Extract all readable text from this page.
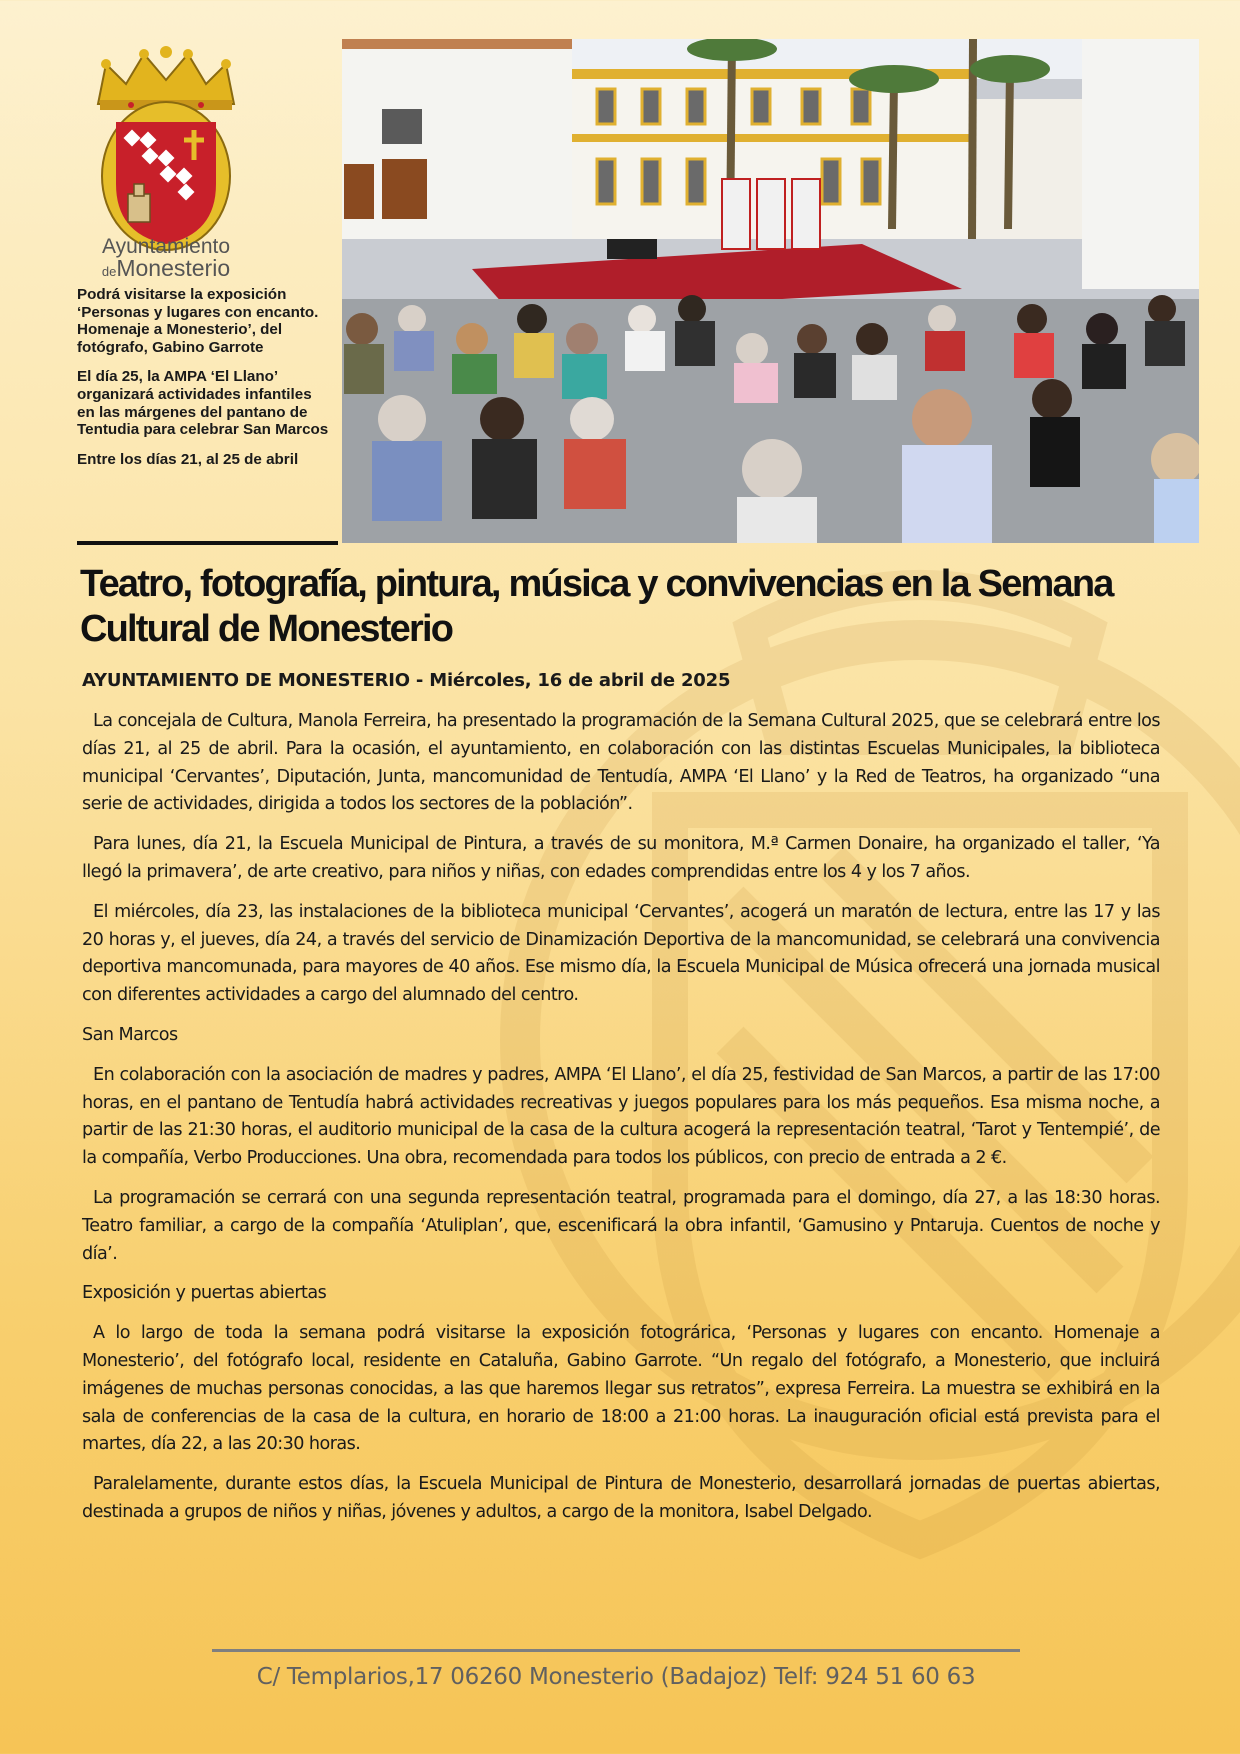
Ayuntamiento
deMonesterio

Podrá visitarse la exposición ‘Personas y lugares con encanto. Homenaje a Monesterio’, del fotógrafo, Gabino Garrote

El día 25, la AMPA ‘El Llano’ organizará actividades infantiles en las márgenes del pantano de Tentudia para celebrar San Marcos

Entre los días 21, al 25 de abril

Teatro, fotografía, pintura, música y convivencias en la Semana Cultural de Monesterio

AYUNTAMIENTO DE MONESTERIO - Miércoles, 16 de abril de 2025

La concejala de Cultura, Manola Ferreira, ha presentado la programación de la Semana Cultural 2025, que se celebrará entre los días 21, al 25 de abril. Para la ocasión, el ayuntamiento, en colaboración con las distintas Escuelas Municipales, la biblioteca municipal ‘Cervantes’, Diputación, Junta, mancomunidad de Tentudía, AMPA ‘El Llano’ y la Red de Teatros, ha organizado “una serie de actividades, dirigida a todos los sectores de la población”.

Para lunes, día 21, la Escuela Municipal de Pintura, a través de su monitora, M.ª Carmen Donaire, ha organizado el taller, ‘Ya llegó la primavera’, de arte creativo, para niños y niñas, con edades comprendidas entre los 4 y los 7 años.

El miércoles, día 23, las instalaciones de la biblioteca municipal ‘Cervantes’, acogerá un maratón de lectura, entre las 17 y las 20 horas y, el jueves, día 24, a través del servicio de Dinamización Deportiva de la mancomunidad, se celebrará una convivencia deportiva mancomunada, para mayores de 40 años. Ese mismo día, la Escuela Municipal de Música ofrecerá una jornada musical con diferentes actividades a cargo del alumnado del centro.

San Marcos

En colaboración con la asociación de madres y padres, AMPA ‘El Llano’, el día 25, festividad de San Marcos, a partir de las 17:00 horas, en el pantano de Tentudía habrá actividades recreativas y juegos populares para los más pequeños. Esa misma noche, a partir de las 21:30 horas, el auditorio municipal de la casa de la cultura acogerá la representación teatral, ‘Tarot y Tentempié’, de la compañía, Verbo Producciones. Una obra, recomendada para todos los públicos, con precio de entrada a 2 €.

La programación se cerrará con una segunda representación teatral, programada para el domingo, día 27, a las 18:30 horas. Teatro familiar, a cargo de la compañía ‘Atuliplan’, que, escenificará la obra infantil, ‘Gamusino y Pntaruja. Cuentos de noche y día’.

Exposición y puertas abiertas

A lo largo de toda la semana podrá visitarse la exposición fotográrica, ‘Personas y lugares con encanto. Homenaje a Monesterio’, del fotógrafo local, residente en Cataluña, Gabino Garrote. “Un regalo del fotógrafo, a Monesterio, que incluirá imágenes de muchas personas conocidas, a las que haremos llegar sus retratos”, expresa Ferreira. La muestra se exhibirá en la sala de conferencias de la casa de la cultura, en horario de 18:00 a 21:00 horas. La inauguración oficial está prevista para el martes, día 22, a las 20:30 horas.

Paralelamente, durante estos días, la Escuela Municipal de Pintura de Monesterio, desarrollará jornadas de puertas abiertas, destinada a grupos de niños y niñas, jóvenes y adultos, a cargo de la monitora, Isabel Delgado.

C/ Templarios,17 06260 Monesterio (Badajoz) Telf: 924 51 60 63
